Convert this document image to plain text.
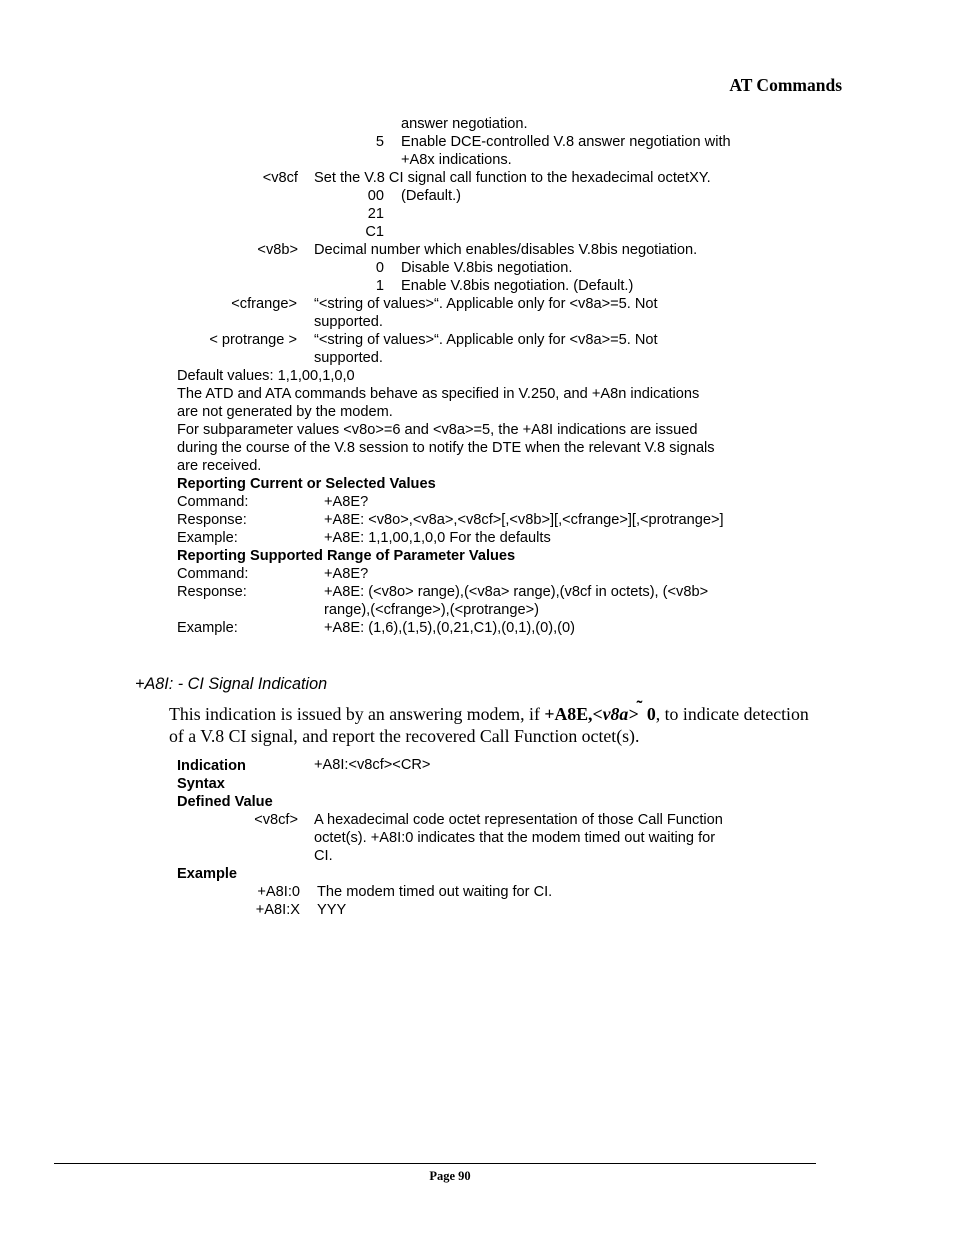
AT Commands
answer negotiation.
5 Enable DCE-controlled V.8 answer negotiation with
+A8x indications.
<v8cf Set the V.8 CI signal call function to the hexadecimal octetXY.
00 (Default.)
21
C1
<v8b> Decimal number which enables/disables V.8bis negotiation.
0 Disable V.8bis negotiation.
1 Enable V.8bis negotiation. (Default.)
<cfrange> “<string of values>“. Applicable only for <v8a>=5. Not
supported.
< protrange > “<string of values>“. Applicable only for <v8a>=5. Not
supported.
Default values: 1,1,00,1,0,0
The ATD and ATA commands behave as specified in V.250, and +A8n indications
are not generated by the modem.
For subparameter values <v8o>=6 and <v8a>=5, the +A8I indications are issued
during the course of the V.8 session to notify the DTE when the relevant V.8 signals
are received.
Reporting Current or Selected Values
Command:	+A8E?
Response:	+A8E: <v8o>,<v8a>,<v8cf>[,<v8b>][,<cfrange>][,<protrange>]
Example:	+A8E: 1,1,00,1,0,0 For the defaults
Reporting Supported Range of Parameter Values
Command:	+A8E?
Response:	+A8E: (<v8o> range),(<v8a> range),(v8cf in octets), (<v8b>
range),(<cfrange>),(<protrange>)
Example:	+A8E: (1,6),(1,5),(0,21,C1),(0,1),(0),(0)
+A8I: - CI Signal Indication
This indication is issued by an answering modem, if +A8E,<v8a>˜ 0, to indicate detection
of a V.8 CI signal, and report the recovered Call Function octet(s).
Indication	+A8I:<v8cf><CR>
Syntax
Defined Value
<v8cf> A hexadecimal code octet representation of those Call Function
octet(s). +A8I:0 indicates that the modem timed out waiting for
CI.
Example
+A8I:0 The modem timed out waiting for CI.
+A8I:X YYY
Page 90
